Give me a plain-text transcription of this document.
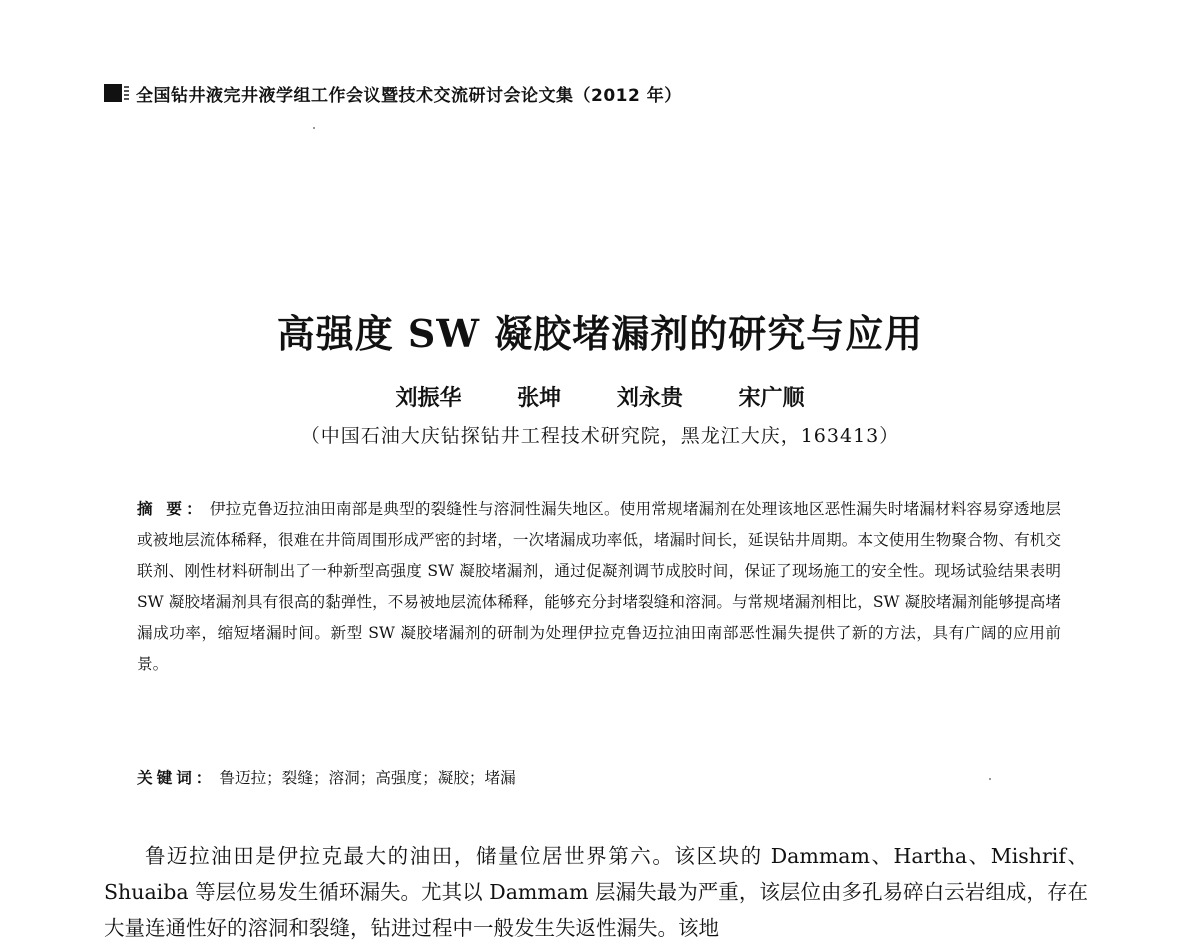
全国钻井液完井液学组工作会议暨技术交流研讨会论文集（2012 年）
高强度 SW 凝胶堵漏剂的研究与应用
刘振华	张坤	刘永贵	宋广顺
（中国石油大庆钻探钻井工程技术研究院，黑龙江大庆，163413）
摘 要： 伊拉克鲁迈拉油田南部是典型的裂缝性与溶洞性漏失地区。使用常规堵漏剂在处理该地区恶性漏失时堵漏材料容易穿透地层或被地层流体稀释，很难在井筒周围形成严密的封堵，一次堵漏成功率低，堵漏时间长，延误钻井周期。本文使用生物聚合物、有机交联剂、刚性材料研制出了一种新型高强度 SW 凝胶堵漏剂，通过促凝剂调节成胶时间，保证了现场施工的安全性。现场试验结果表明 SW 凝胶堵漏剂具有很高的黏弹性，不易被地层流体稀释，能够充分封堵裂缝和溶洞。与常规堵漏剂相比，SW 凝胶堵漏剂能够提高堵漏成功率，缩短堵漏时间。新型 SW 凝胶堵漏剂的研制为处理伊拉克鲁迈拉油田南部恶性漏失提供了新的方法，具有广阔的应用前景。
关键词： 鲁迈拉；裂缝；溶洞；高强度；凝胶；堵漏

鲁迈拉油田是伊拉克最大的油田，储量位居世界第六。该区块的 Dammam、Hartha、Mishrif、Shuaiba 等层位易发生循环漏失。尤其以 Dammam 层漏失最为严重，该层位由多孔易碎白云岩组成，存在大量连通性好的溶洞和裂缝，钻进过程中一般发生失返性漏失。该地
